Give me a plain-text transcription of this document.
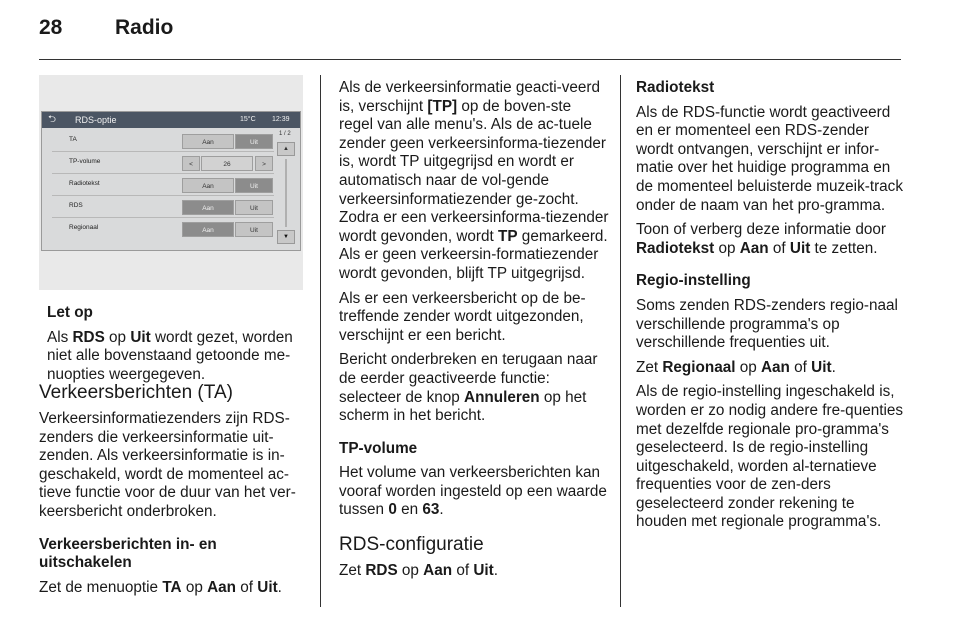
28	Radio
⮌ RDS-optie	15°C 12:39
TA	Aan	Uit
TP-volume	<	26	>
Radiotekst	Aan	Uit
RDS	Aan	Uit
Regionaal	Aan	Uit
1 / 2
▲
▼

Let op

Als RDS op Uit wordt gezet, worden niet alle bovenstaand getoonde me-nuopties weergegeven.

Verkeersberichten (TA)

Verkeersinformatiezenders zijn RDS-zenders die verkeersinformatie uit-zenden. Als verkeersinformatie is in-geschakeld, wordt de momenteel ac-tieve functie voor de duur van het ver-keersbericht onderbroken.

Verkeersberichten in- en uitschakelen

Zet de menuoptie TA op Aan of Uit.

Als de verkeersinformatie geacti-veerd is, verschijnt [TP] op de boven-ste regel van alle menu's. Als de ac-tuele zender geen verkeersinforma-tiezender is, wordt TP uitgegrijsd en wordt er automatisch naar de vol-gende verkeersinformatiezender ge-zocht. Zodra er een verkeersinforma-tiezender wordt gevonden, wordt TP gemarkeerd. Als er geen verkeersin-formatiezender wordt gevonden, blijft TP uitgegrijsd.

Als er een verkeersbericht op de be-treffende zender wordt uitgezonden, verschijnt er een bericht.

Bericht onderbreken en terugaan naar de eerder geactiveerde functie: selecteer de knop Annuleren op het scherm in het bericht.

TP-volume

Het volume van verkeersberichten kan vooraf worden ingesteld op een waarde tussen 0 en 63.

RDS-configuratie

Zet RDS op Aan of Uit.

Radiotekst

Als de RDS-functie wordt geactiveerd en er momenteel een RDS-zender wordt ontvangen, verschijnt er infor-matie over het huidige programma en de momenteel beluisterde muzeik-track onder de naam van het pro-gramma.

Toon of verberg deze informatie door Radiotekst op Aan of Uit te zetten.

Regio-instelling

Soms zenden RDS-zenders regio-naal verschillende programma's op verschillende frequenties uit.

Zet Regionaal op Aan of Uit.

Als de regio-instelling ingeschakeld is, worden er zo nodig andere fre-quenties met dezelfde regionale pro-gramma's geselecteerd. Is de regio-instelling uitgeschakeld, worden al-ternatieve frequenties voor de zen-ders geselecteerd zonder rekening te houden met regionale programma's.
